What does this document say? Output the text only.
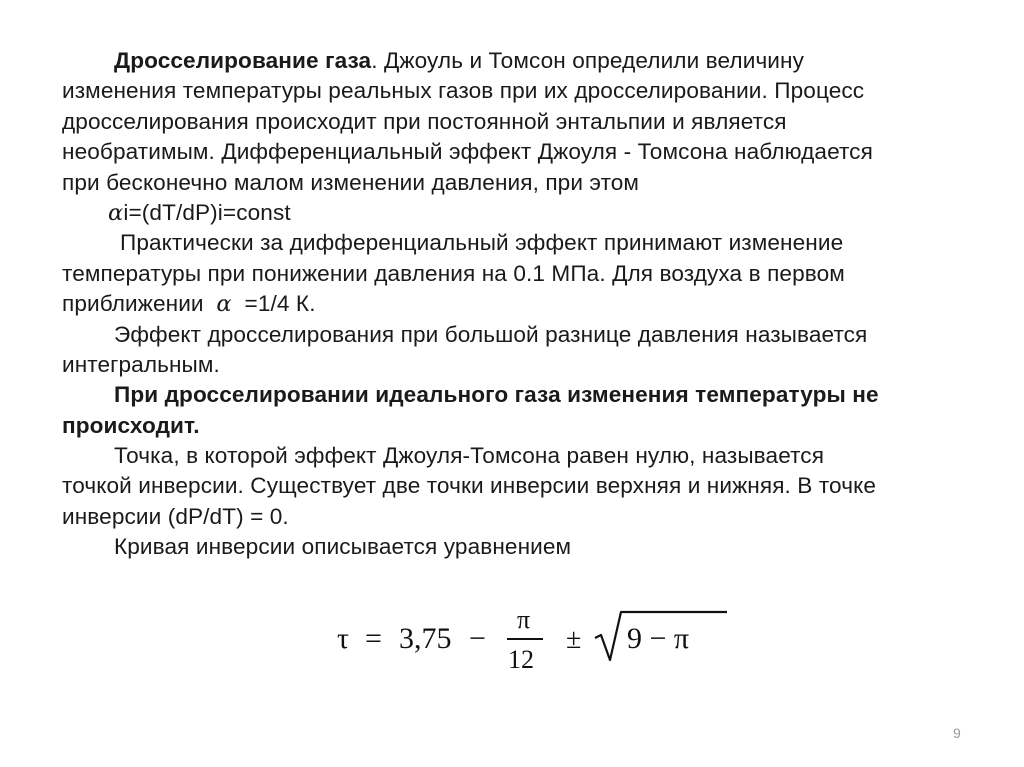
Дросселирование газа. Джоуль и Томсон определили величину
изменения температуры реальных газов при их дросселировании. Процесс
дросселирования происходит при постоянной энтальпии и является
необратимым. Дифференциальный эффект Джоуля - Томсона наблюдается
при бесконечно малом изменении давления, при этом
αi=(dT/dP)i=const
Практически за дифференциальный эффект принимают изменение
температуры при понижении давления на 0.1 МПа. Для воздуха в первом
приближении α =1/4 К.
Эффект дросселирования при большой разнице давления называется
интегральным.
При дросселировании идеального газа изменения температуры не
происходит.
Точка, в которой эффект Джоуля-Томсона равен нулю, называется
точкой инверсии. Существует две точки инверсии верхняя и нижняя. В точке
инверсии (dP/dT) = 0.
Кривая инверсии описывается уравнением
τ = 3,75 −
π
12
± 9 − π
9
